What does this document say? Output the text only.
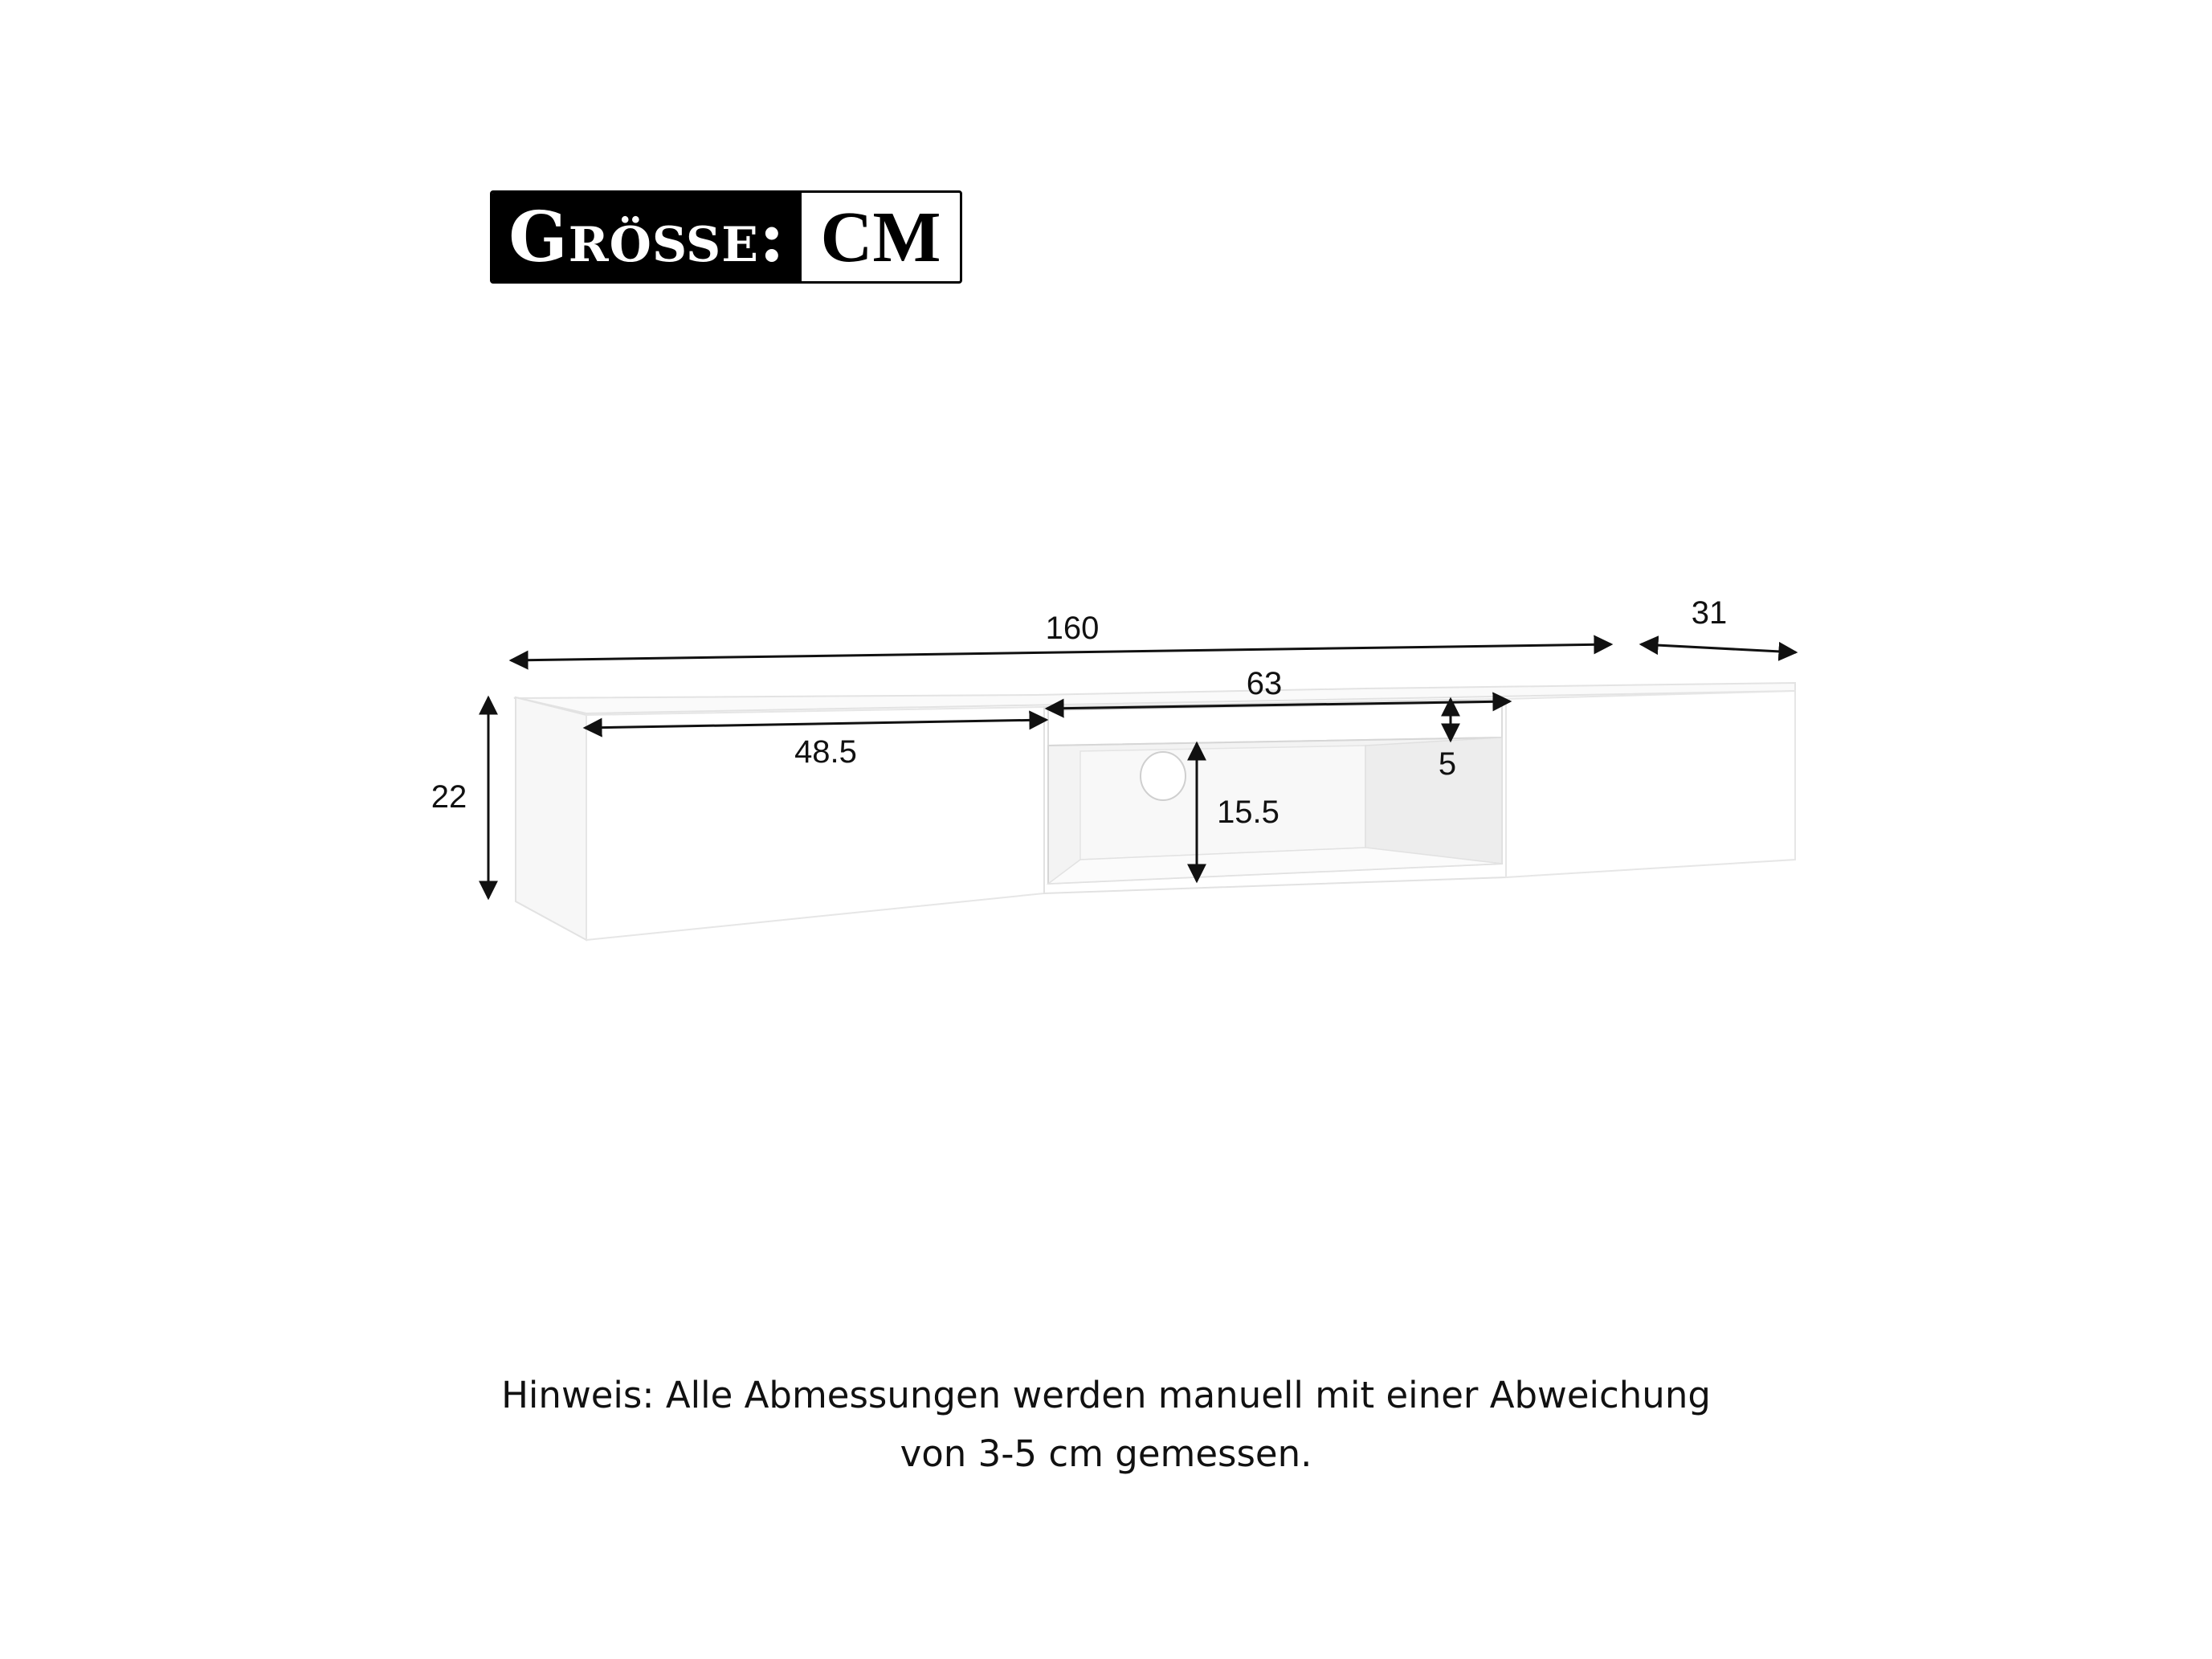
Größe: CM
160	31
22
48.5
63
5
15.5
Hinweis: Alle Abmessungen werden manuell mit einer Abweichung
von 3-5 cm gemessen.
